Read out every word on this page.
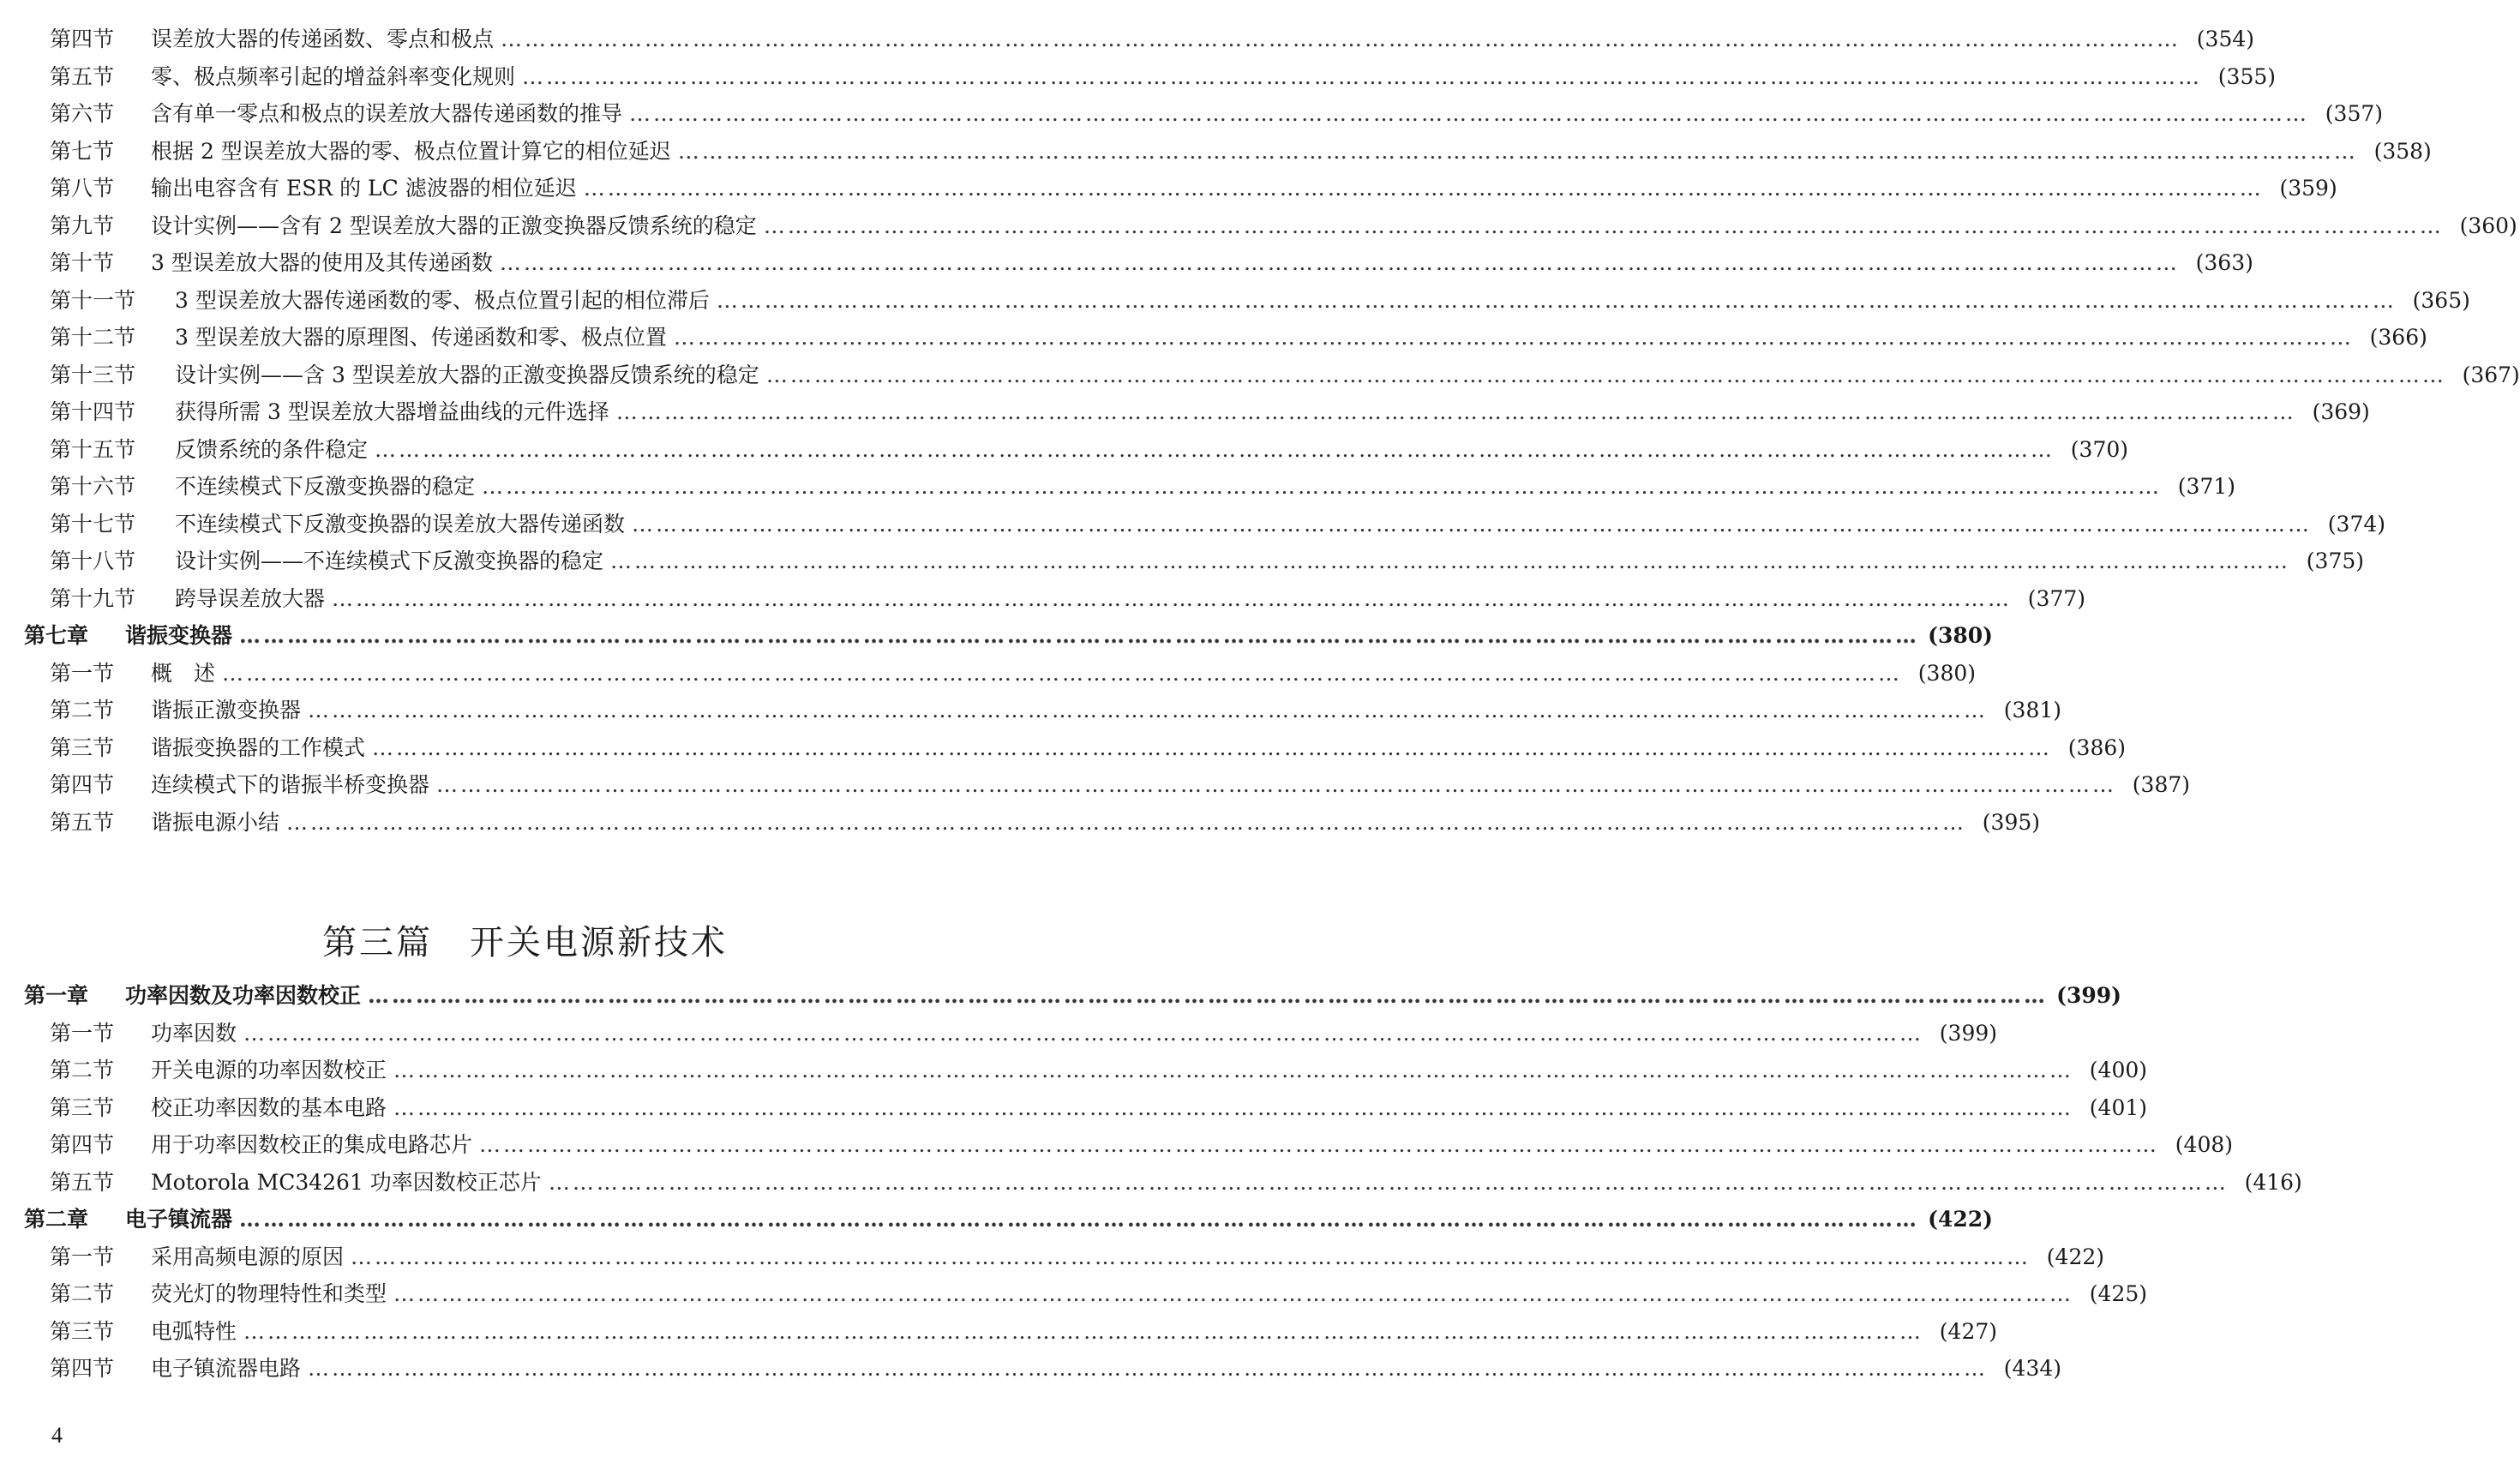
第四节	误差放大器的传递函数、零点和极点 …………………………………………………………………………………………………………………………………………………………………………………………	(354)
第五节	零、极点频率引起的增益斜率变化规则 …………………………………………………………………………………………………………………………………………………………………………………………	(355)
第六节	含有单一零点和极点的误差放大器传递函数的推导 …………………………………………………………………………………………………………………………………………………………………………………………	(357)
第七节	根据 2 型误差放大器的零、极点位置计算它的相位延迟 …………………………………………………………………………………………………………………………………………………………………………………………	(358)
第八节	输出电容含有 ESR 的 LC 滤波器的相位延迟 …………………………………………………………………………………………………………………………………………………………………………………………	(359)
第九节	设计实例——含有 2 型误差放大器的正激变换器反馈系统的稳定 …………………………………………………………………………………………………………………………………………………………………………………………	(360)
第十节	3 型误差放大器的使用及其传递函数 …………………………………………………………………………………………………………………………………………………………………………………………	(363)
第十一节	3 型误差放大器传递函数的零、极点位置引起的相位滞后 …………………………………………………………………………………………………………………………………………………………………………………………	(365)
第十二节	3 型误差放大器的原理图、传递函数和零、极点位置 …………………………………………………………………………………………………………………………………………………………………………………………	(366)
第十三节	设计实例——含 3 型误差放大器的正激变换器反馈系统的稳定 …………………………………………………………………………………………………………………………………………………………………………………………	(367)
第十四节	获得所需 3 型误差放大器增益曲线的元件选择 …………………………………………………………………………………………………………………………………………………………………………………………	(369)
第十五节	反馈系统的条件稳定 …………………………………………………………………………………………………………………………………………………………………………………………	(370)
第十六节	不连续模式下反激变换器的稳定 …………………………………………………………………………………………………………………………………………………………………………………………	(371)
第十七节	不连续模式下反激变换器的误差放大器传递函数 …………………………………………………………………………………………………………………………………………………………………………………………	(374)
第十八节	设计实例——不连续模式下反激变换器的稳定 …………………………………………………………………………………………………………………………………………………………………………………………	(375)
第十九节	跨导误差放大器 …………………………………………………………………………………………………………………………………………………………………………………………	(377)
第七章	谐振变换器 …………………………………………………………………………………………………………………………………………………………………………………………	(380)
第一节	概　述 …………………………………………………………………………………………………………………………………………………………………………………………	(380)
第二节	谐振正激变换器 …………………………………………………………………………………………………………………………………………………………………………………………	(381)
第三节	谐振变换器的工作模式 …………………………………………………………………………………………………………………………………………………………………………………………	(386)
第四节	连续模式下的谐振半桥变换器 …………………………………………………………………………………………………………………………………………………………………………………………	(387)
第五节	谐振电源小结 …………………………………………………………………………………………………………………………………………………………………………………………	(395)
第三篇　开关电源新技术
第一章	功率因数及功率因数校正 …………………………………………………………………………………………………………………………………………………………………………………………	(399)
第一节	功率因数 …………………………………………………………………………………………………………………………………………………………………………………………	(399)
第二节	开关电源的功率因数校正 …………………………………………………………………………………………………………………………………………………………………………………………	(400)
第三节	校正功率因数的基本电路 …………………………………………………………………………………………………………………………………………………………………………………………	(401)
第四节	用于功率因数校正的集成电路芯片 …………………………………………………………………………………………………………………………………………………………………………………………	(408)
第五节	Motorola MC34261 功率因数校正芯片 …………………………………………………………………………………………………………………………………………………………………………………………	(416)
第二章	电子镇流器 …………………………………………………………………………………………………………………………………………………………………………………………	(422)
第一节	采用高频电源的原因 …………………………………………………………………………………………………………………………………………………………………………………………	(422)
第二节	荧光灯的物理特性和类型 …………………………………………………………………………………………………………………………………………………………………………………………	(425)
第三节	电弧特性 …………………………………………………………………………………………………………………………………………………………………………………………	(427)
第四节	电子镇流器电路 …………………………………………………………………………………………………………………………………………………………………………………………	(434)
4
